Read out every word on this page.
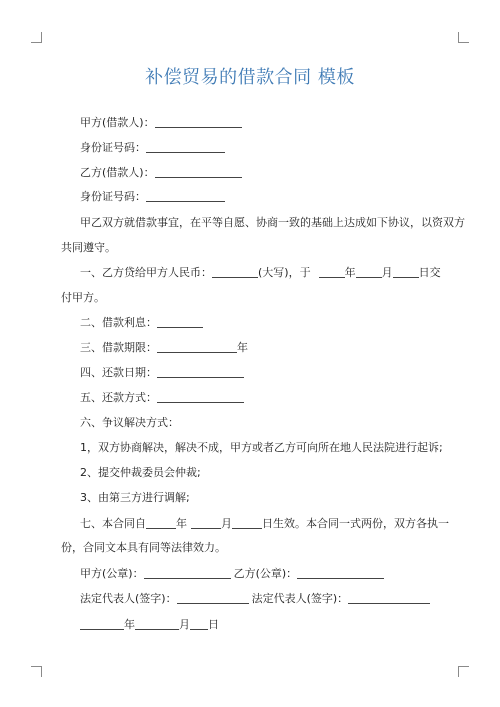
补偿贸易的借款合同 模板
甲方(借款人)：
身份证号码：
乙方(借款人)：
身份证号码：
甲乙双方就借款事宜，在平等自愿、协商一致的基础上达成如下协议，以资双方
共同遵守。
一、乙方贷给甲方人民币：	(大写)，于	年 月 日交
付甲方。
二、借款利息：
三、借款期限：	年
四、还款日期：
五、还款方式：
六、争议解决方式：
1，双方协商解决，解决不成，甲方或者乙方可向所在地人民法院进行起诉;
2、提交仲裁委员会仲裁;
3、由第三方进行调解;
七、本合同自	年	月	日生效。本合同一式两份，双方各执一
份，合同文本具有同等法律效力。
甲方(公章)：	乙方(公章)：
法定代表人(签字)：	法定代表人(签字)：
年	月 日
